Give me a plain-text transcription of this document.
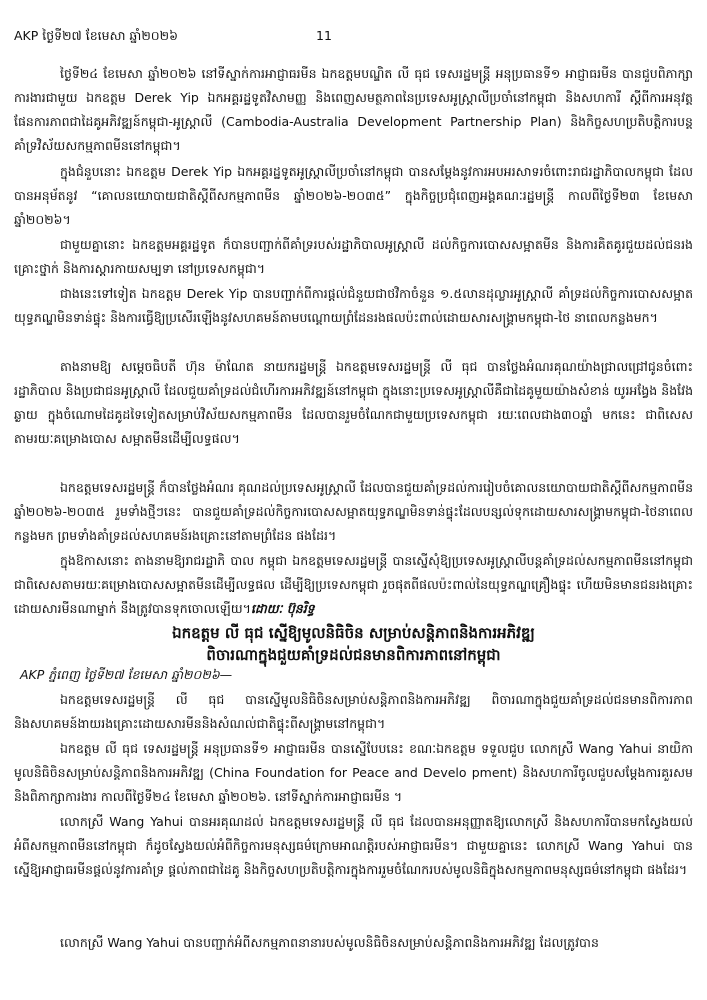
AKP ថ្ងៃទី២៧ ខែមេសា ឆ្នាំ២០២៦	11

ថ្ងៃទី២៤ ខែមេសា ឆ្នាំ២០២៦ នៅទីស្នាក់ការអាជ្ញាធរមីន ឯកឧត្តមបណ្ឌិត លី ធុជ ទេសរដ្ឋមន្ត្រី អនុប្រធានទី១ អាជ្ញាធរមីន បានជួបពិភាក្សាការងារជាមួយ ឯកឧត្តម Derek Yip ឯកអគ្គរដ្ឋទូតវិសាមញ្ញ និងពេញសមត្ថភាពនៃប្រទេសអូស្ត្រាលីប្រចាំនៅកម្ពុជា និងសហការី ស្ដីពីការអនុវត្តផែនការភាពជាដៃគូអភិវឌ្ឍន៍កម្ពុជា-អូស្ត្រាលី (Cambodia-Australia Development Partnership Plan) និងកិច្ចសហប្រតិបត្តិការបន្តគាំទ្រវិស័យសកម្មភាពមីននៅកម្ពុជា។

ក្នុងជំនួបនោះ ឯកឧត្តម Derek Yip ឯកអគ្គរដ្ឋទូតអូស្ត្រាលីប្រចាំនៅកម្ពុជា បានសម្ដែងនូវការអបអរសាទរចំពោះរាជរដ្ឋាភិបាលកម្ពុជា ដែលបានអនុម័តនូវ “គោលនយោបាយជាតិស្ដីពីសកម្មភាពមីន ឆ្នាំ២០២៦-២០៣៥” ក្នុងកិច្ចប្រជុំពេញអង្គគណៈរដ្ឋមន្ត្រី កាលពីថ្ងៃទី២៣ ខែមេសា ឆ្នាំ២០២៦។

ជាមួយគ្នានោះ ឯកឧត្តមអគ្គរដ្ឋទូត ក៏បានបញ្ជាក់ពីគាំទ្ររបស់រដ្ឋាភិបាលអូស្ត្រាលី ដល់កិច្ចការបោសសម្អាតមីន និងការគិតគូរជួយដល់ជនរងគ្រោះថ្នាក់ និងការស្ដារកាយសម្បទា នៅប្រទេសកម្ពុជា។

ជាងនេះទៅទៀត ឯកឧត្តម Derek Yip បានបញ្ជាក់ពីការផ្ដល់ជំនួយជាថវិកាចំនួន ១.៥លានដុល្លារអូស្ត្រាលី គាំទ្រដល់កិច្ចការបោសសម្អាតយុទ្ធភណ្ឌមិនទាន់ផ្ទុះ និងការធ្វើឱ្យប្រសើរឡើងនូវសហគមន៍តាមបណ្ដោយព្រំដែនរងផលប៉ះពាល់ដោយសារសង្គ្រាមកម្ពុជា-ថៃ នាពេលកន្លងមក។

តាងនាមឱ្យ សម្ដេចធិបតី ហ៊ុន ម៉ាណែត នាយករដ្ឋមន្ត្រី ឯកឧត្តមទេសរដ្ឋមន្ត្រី លី ធុជ បានថ្លែងអំណរគុណយ៉ាងជ្រាលជ្រៅជូនចំពោះរដ្ឋាភិបាល និងប្រជាជនអូស្ត្រាលី ដែលជួយគាំទ្រដល់ជំហើរការអភិវឌ្ឍន៍នៅកម្ពុជា ក្នុងនោះប្រទេសអូស្ត្រាលីគឺជាដៃគូមួយយ៉ាងសំខាន់ យូរអង្វែង និងវែងឆ្ងាយ ក្នុងចំណោមដៃគូដទៃទៀតសម្រាប់វិស័យសកម្មភាពមីន ដែលបានរួមចំណែកជាមួយប្រទេសកម្ពុជា រយៈពេលជាង៣០ឆ្នាំ មកនេះ ជាពិសេសតាមរយៈគម្រោងបោស សម្អាតមីនដើម្បីលទ្ធផល។

ឯកឧត្តមទេសរដ្ឋមន្ត្រី ក៏បានថ្លែងអំណរ គុណដល់ប្រទេសអូស្ត្រាលី ដែលបានជួយគាំទ្រដល់ការរៀបចំគោលនយោបាយជាតិស្ដីពីសកម្មភាពមីន ឆ្នាំ២០២៦-២០៣៥ រួមទាំងថ្មីៗនេះ បានជួយគាំទ្រដល់កិច្ចការបោសសម្អាតយុទ្ធភណ្ឌមិនទាន់ផ្ទុះដែលបន្សល់ទុកដោយសារសង្គ្រាមកម្ពុជា-ថៃនាពេលកន្លងមក ព្រមទាំងគាំទ្រដល់សហគមន៍រងគ្រោះនៅតាមព្រំដែន ផងដែរ។

ក្នុងឱកាសនោះ តាងនាមឱ្យរាជរដ្ឋាភិ បាល កម្ពុជា ឯកឧត្តមទេសរដ្ឋមន្ត្រី បានស្នើសុំឱ្យប្រទេសអូស្ត្រាលីបន្តគាំទ្រដល់សកម្មភាពមីននៅកម្ពុជា ជាពិសេសតាមរយៈគម្រោងបោសសម្អាតមីនដើម្បីលទ្ធផល ដើម្បីឱ្យប្រទេសកម្ពុជា រួចផុតពីផលប៉ះពាល់នៃយុទ្ធភណ្ឌគ្រឿងផ្ទុះ ហើយមិនមានជនរងគ្រោះដោយសារមីនណាម្នាក់ នឹងត្រូវបានទុកចោលឡើយ។ដោយៈ ប៊ុនរិទ្ធ

ឯកឧត្តម លី ធុជ ស្នើឱ្យមូលនិធិចិន សម្រាប់សន្តិភាពនិងការអភិវឌ្ឍ
ពិចារណាក្នុងជួយគាំទ្រដល់ជនមានពិការភាពនៅកម្ពុជា
AKP ភ្នំពេញ ថ្ងៃទី២៧ ខែមេសា ឆ្នាំ២០២៦—

ឯកឧត្តមទេសរដ្ឋមន្ត្រី លី ធុជ បានស្នើមូលនិធិចិនសម្រាប់សន្តិភាពនិងការអភិវឌ្ឍ ពិចារណាក្នុងជួយគាំទ្រដល់ជនមានពិការភាព និងសហគមន៍ងាយរងគ្រោះដោយសារមីននិងសំណល់ជាតិផ្ទុះពីសង្គ្រាមនៅកម្ពុជា។

ឯកឧត្តម លី ធុជ ទេសរដ្ឋមន្ត្រី អនុប្រធានទី១ អាជ្ញាធរមីន បានស្នើបែបនេះ ខណៈឯកឧត្តម ទទួលជួប លោកស្រី Wang Yahui នាយិកាមូលនិធិចិនសម្រាប់សន្តិភាពនិងការអភិវឌ្ឍ (China Foundation for Peace and Develo pment) និងសហការីចូលជួបសម្ដែងការគួរសម និងពិភាក្សាការងារ កាលពីថ្ងៃទី២៤ ខែមេសា ឆ្នាំ២០២៦. នៅទីស្នាក់ការអាជ្ញាធរមីន ។

លោកស្រី Wang Yahui បានអរគុណដល់ ឯកឧត្តមទេសរដ្ឋមន្ត្រី លី ធុជ ដែលបានអនុញ្ញាតឱ្យលោកស្រី និងសហការីបានមកស្វែងយល់អំពីសកម្មភាពមីននៅកម្ពុជា ក៏ដូចស្វែងយល់អំពីកិច្ចការមនុស្សធម៌ក្រោមអាណត្តិរបស់អាជ្ញាធរមីន។ ជាមួយគ្នានេះ លោកស្រី Wang Yahui បានស្នើឱ្យអាជ្ញាធរមីនផ្ដល់នូវការគាំទ្រ ផ្ដល់ភាពជាដៃគូ និងកិច្ចសហប្រតិបត្តិការក្នុងការរួមចំណែករបស់មូលនិធិក្នុងសកម្មភាពមនុស្សធម៌នៅកម្ពុជា ផងដែរ។

លោកស្រី Wang Yahui បានបញ្ជាក់អំពីសកម្មភាពនានារបស់មូលនិធិចិនសម្រាប់សន្តិភាពនិងការអភិវឌ្ឍ ដែលត្រូវបាន
